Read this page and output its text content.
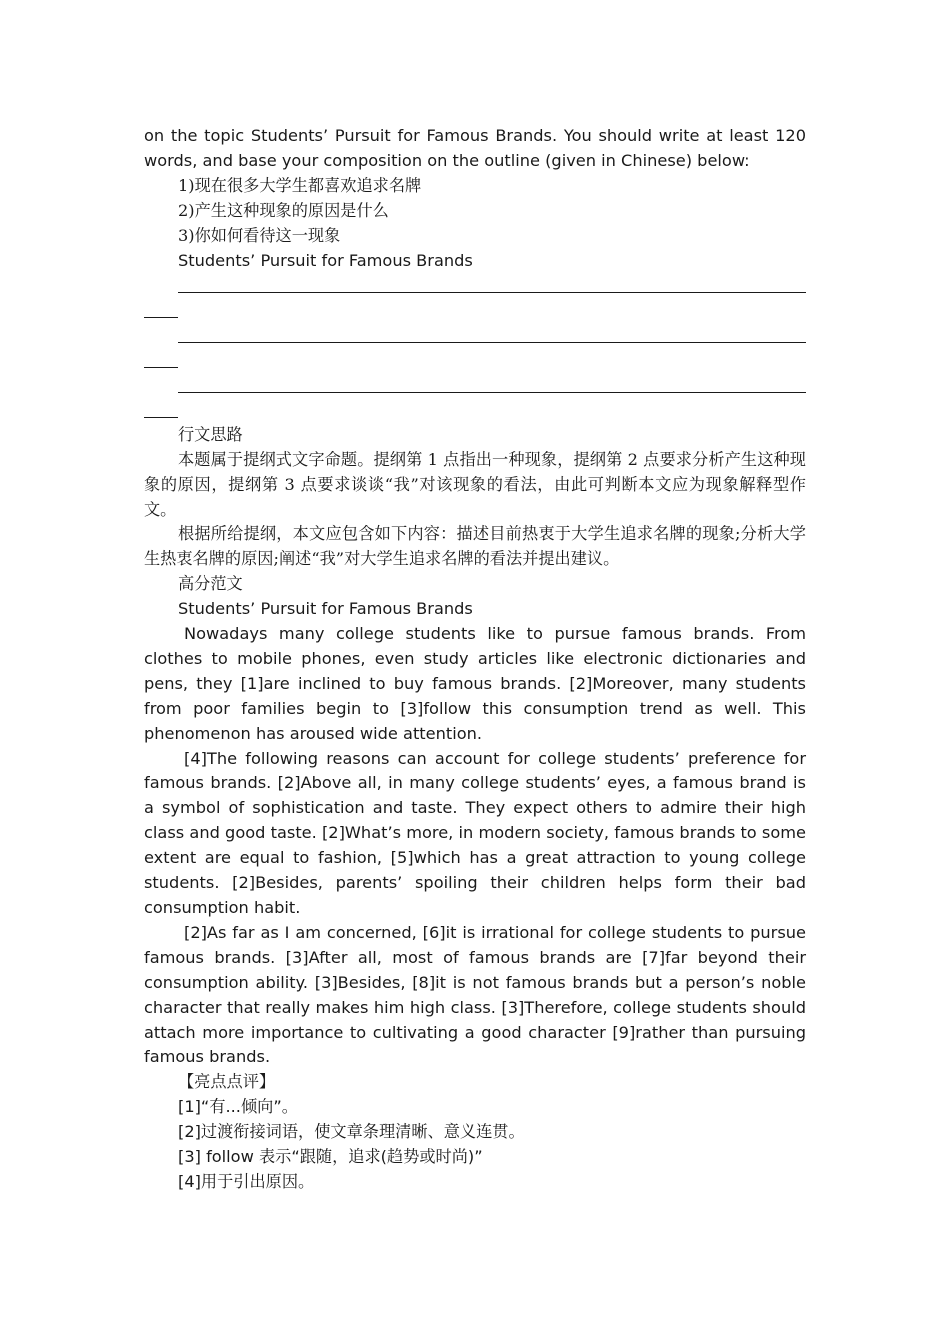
on the topic Students’ Pursuit for Famous Brands. You should write at least 120 words, and base your composition on the outline (given in Chinese) below:

1)现在很多大学生都喜欢追求名牌

2)产生这种现象的原因是什么

3)你如何看待这一现象

Students’ Pursuit for Famous Brands

行文思路

本题属于提纲式文字命题。提纲第 1 点指出一种现象，提纲第 2 点要求分析产生这种现象的原因，提纲第 3 点要求谈谈“我”对该现象的看法，由此可判断本文应为现象解释型作文。

根据所给提纲，本文应包含如下内容：描述目前热衷于大学生追求名牌的现象;分析大学生热衷名牌的原因;阐述“我”对大学生追求名牌的看法并提出建议。

高分范文

Students’ Pursuit for Famous Brands

Nowadays many college students like to pursue famous brands. From clothes to mobile phones, even study articles like electronic dictionaries and pens, they [1]are inclined to buy famous brands. [2]Moreover, many students from poor families begin to [3]follow this consumption trend as well. This phenomenon has aroused wide attention.

[4]The following reasons can account for college students’ preference for famous brands. [2]Above all, in many college students’ eyes, a famous brand is a symbol of sophistication and taste. They expect others to admire their high class and good taste. [2]What’s more, in modern society, famous brands to some extent are equal to fashion, [5]which has a great attraction to young college students. [2]Besides, parents’ spoiling their children helps form their bad consumption habit.

[2]As far as I am concerned, [6]it is irrational for college students to pursue famous brands. [3]After all, most of famous brands are [7]far beyond their consumption ability. [3]Besides, [8]it is not famous brands but a person’s noble character that really makes him high class. [3]Therefore, college students should attach more importance to cultivating a good character [9]rather than pursuing famous brands.

【亮点点评】

[1]“有...倾向”。

[2]过渡衔接词语，使文章条理清晰、意义连贯。

[3] follow 表示“跟随，追求(趋势或时尚)”

[4]用于引出原因。
